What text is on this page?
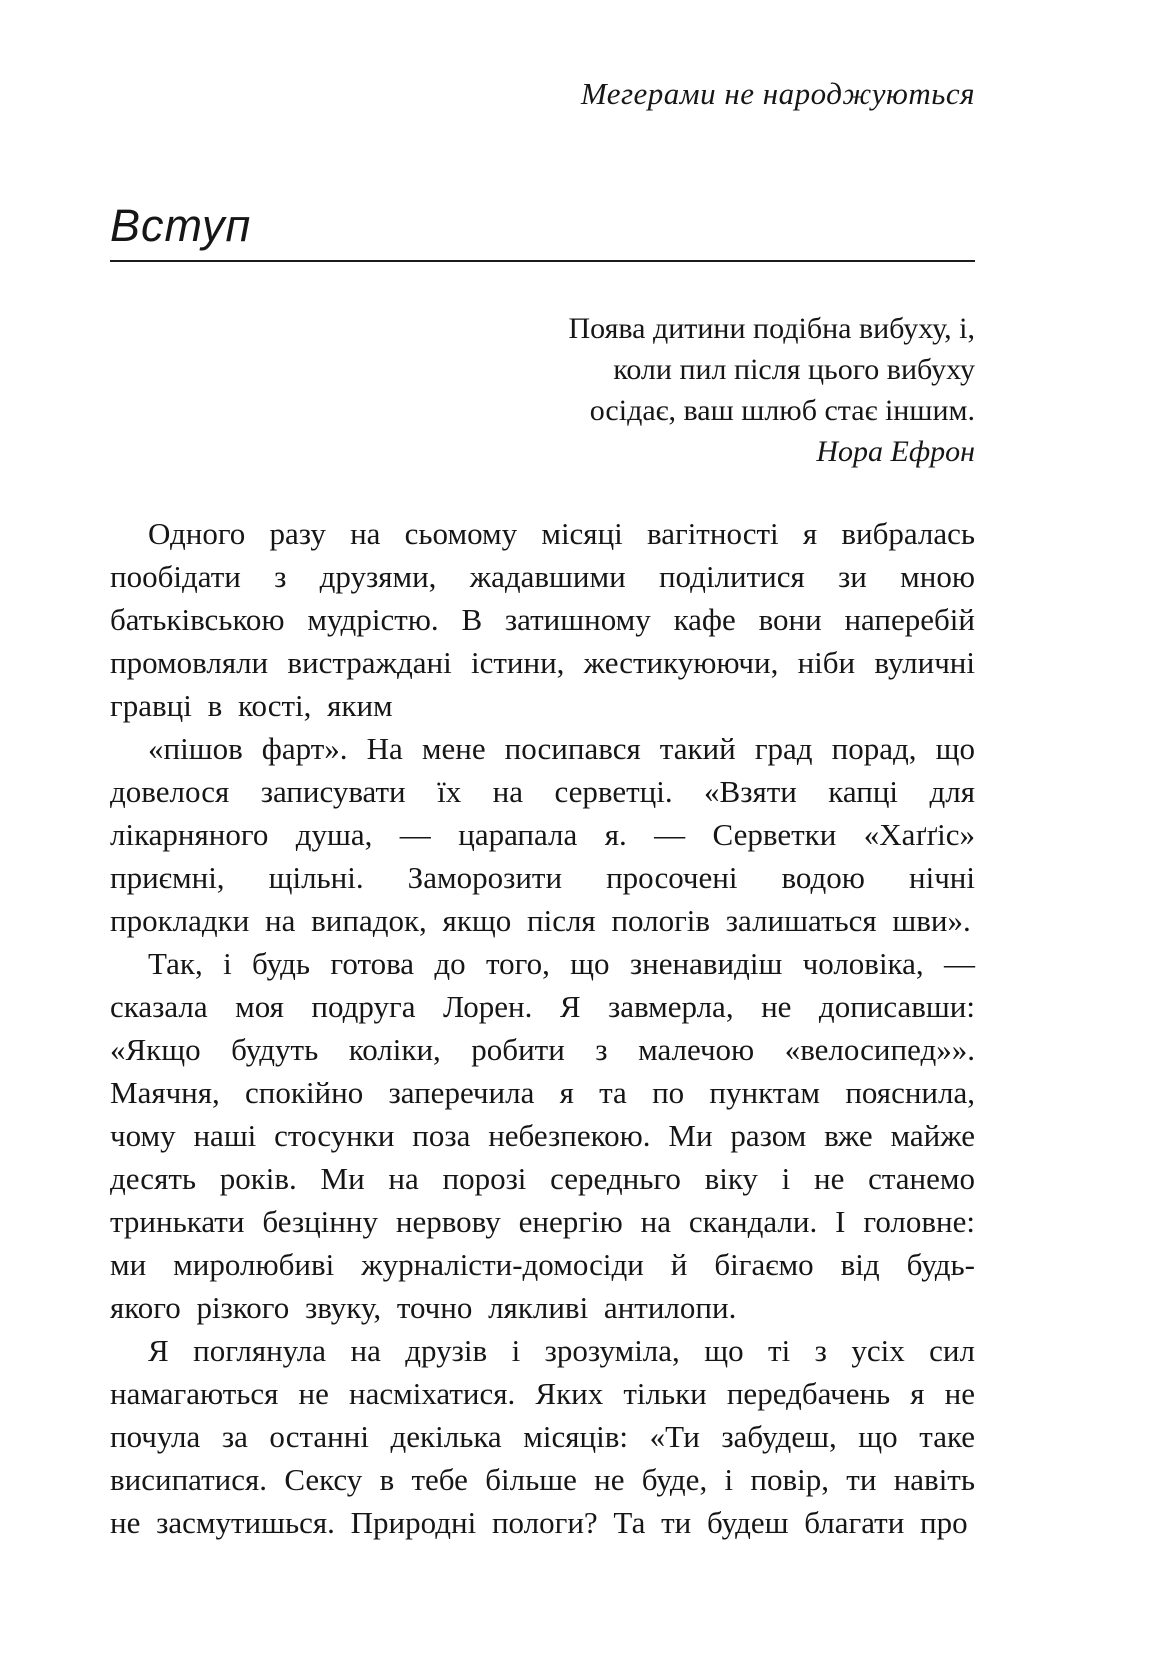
Мегерами не народжуються
Вступ
Поява дитини подібна вибуху, і,
коли пил після цього вибуху
осідає, ваш шлюб стає іншим.
Нора Ефрон

Одного разу на сьомому місяці вагітності я вибралась пообідати з друзями, жадавшими поділитися зи мною батьківською мудрістю. В затишному кафе вони наперебій промовляли вистраждані істини, жестикуюючи, ніби вуличні гравці в кості, яким

«пішов фарт». На мене посипався такий град порад, що довелося записувати їх на серветці. «Взяти капці для лікарняного душа, — царапала я. — Серветки «Хаґґіс» приємні, щільні. Заморозити просочені водою нічні прокладки на випадок, якщо після пологів залишаться шви».

Так, і будь готова до того, що зненавидіш чоловіка, — сказала моя подруга Лорен. Я завмерла, не дописавши: «Якщо будуть коліки, робити з малечою «велосипед»». Маячня, спокійно заперечила я та по пунктам пояснила, чому наші стосунки поза небезпекою. Ми разом вже майже десять років. Ми на порозі середньго віку і не станемо тринькати безцінну нервову енергію на скандали. І головне: ми миролюбиві журналісти-домосіди й бігаємо від будь-якого різкого звуку, точно лякливі антилопи.

Я поглянула на друзів і зрозуміла, що ті з усіх сил намагаються не насміхатися. Яких тільки передбачень я не почула за останні декілька місяців: «Ти забудеш, що таке висипатися. Сексу в тебе більше не буде, і повір, ти навіть не засмутишься. Природні пологи? Та ти будеш благати про
